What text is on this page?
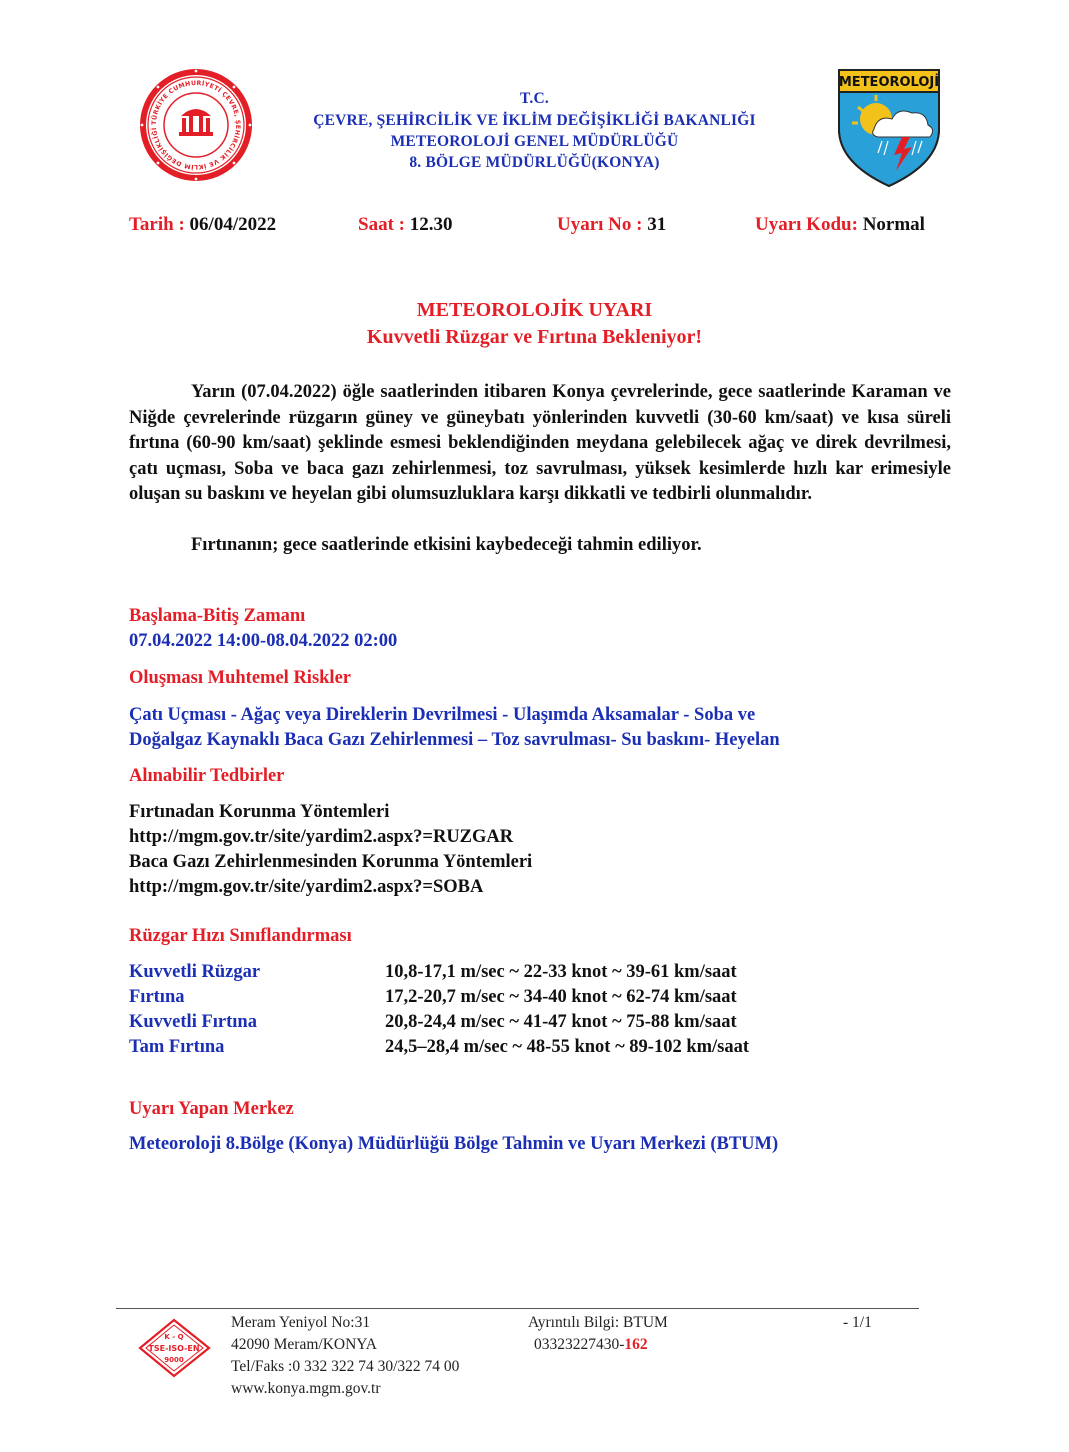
TÜRKİYE CUMHURİYETİ ÇEVRE, ŞEHİRCİLİK VE İKLİM DEĞİŞİKLİĞİ
METEOROLOJİ
T.C.
ÇEVRE, ŞEHİRCİLİK VE İKLİM DEĞİŞİKLİĞİ BAKANLIĞI
METEOROLOJİ GENEL MÜDÜRLÜĞÜ
8. BÖLGE MÜDÜRLÜĞÜ(KONYA)
Tarih : 06/04/2022	Saat : 12.30	Uyarı No : 31	Uyarı Kodu: Normal
METEOROLOJİK UYARI
Kuvvetli Rüzgar ve Fırtına Bekleniyor!
Yarın (07.04.2022) öğle saatlerinden itibaren Konya çevrelerinde, gece saatlerinde Karaman ve Niğde çevrelerinde rüzgarın güney ve güneybatı yönlerinden kuvvetli (30-60 km/saat) ve kısa süreli fırtına (60-90 km/saat) şeklinde esmesi beklendiğinden meydana gelebilecek ağaç ve direk devrilmesi, çatı uçması, Soba ve baca gazı zehirlenmesi, toz savrulması, yüksek kesimlerde hızlı kar erimesiyle oluşan su baskını ve heyelan gibi olumsuzluklara karşı dikkatli ve tedbirli olunmalıdır.
Fırtınanın; gece saatlerinde etkisini kaybedeceği tahmin ediliyor.
Başlama-Bitiş Zamanı
07.04.2022 14:00-08.04.2022 02:00
Oluşması Muhtemel Riskler
Çatı Uçması - Ağaç veya Direklerin Devrilmesi - Ulaşımda Aksamalar - Soba ve
Doğalgaz Kaynaklı Baca Gazı Zehirlenmesi – Toz savrulması- Su baskını- Heyelan
Alınabilir Tedbirler
Fırtınadan Korunma Yöntemleri
http://mgm.gov.tr/site/yardim2.aspx?=RUZGAR
Baca Gazı Zehirlenmesinden Korunma Yöntemleri
http://mgm.gov.tr/site/yardim2.aspx?=SOBA
Rüzgar Hızı Sınıflandırması
Kuvvetli Rüzgar	10,8-17,1 m/sec ~ 22-33 knot ~ 39-61 km/saat
Fırtına	17,2-20,7 m/sec ~ 34-40 knot ~ 62-74 km/saat
Kuvvetli Fırtına	20,8-24,4 m/sec ~ 41-47 knot ~ 75-88 km/saat
Tam Fırtına	24,5–28,4 m/sec ~ 48-55 knot ~ 89-102 km/saat
Uyarı Yapan Merkez
Meteoroloji 8.Bölge (Konya) Müdürlüğü Bölge Tahmin ve Uyarı Merkezi (BTUM)
K - Q
TSE-ISO-EN
9000
Meram Yeniyol No:31
42090 Meram/KONYA
Tel/Faks :0 332 322 74 30/322 74 00
www.konya.mgm.gov.tr
Ayrıntılı Bilgi: BTUM
03323227430-162
- 1/1
